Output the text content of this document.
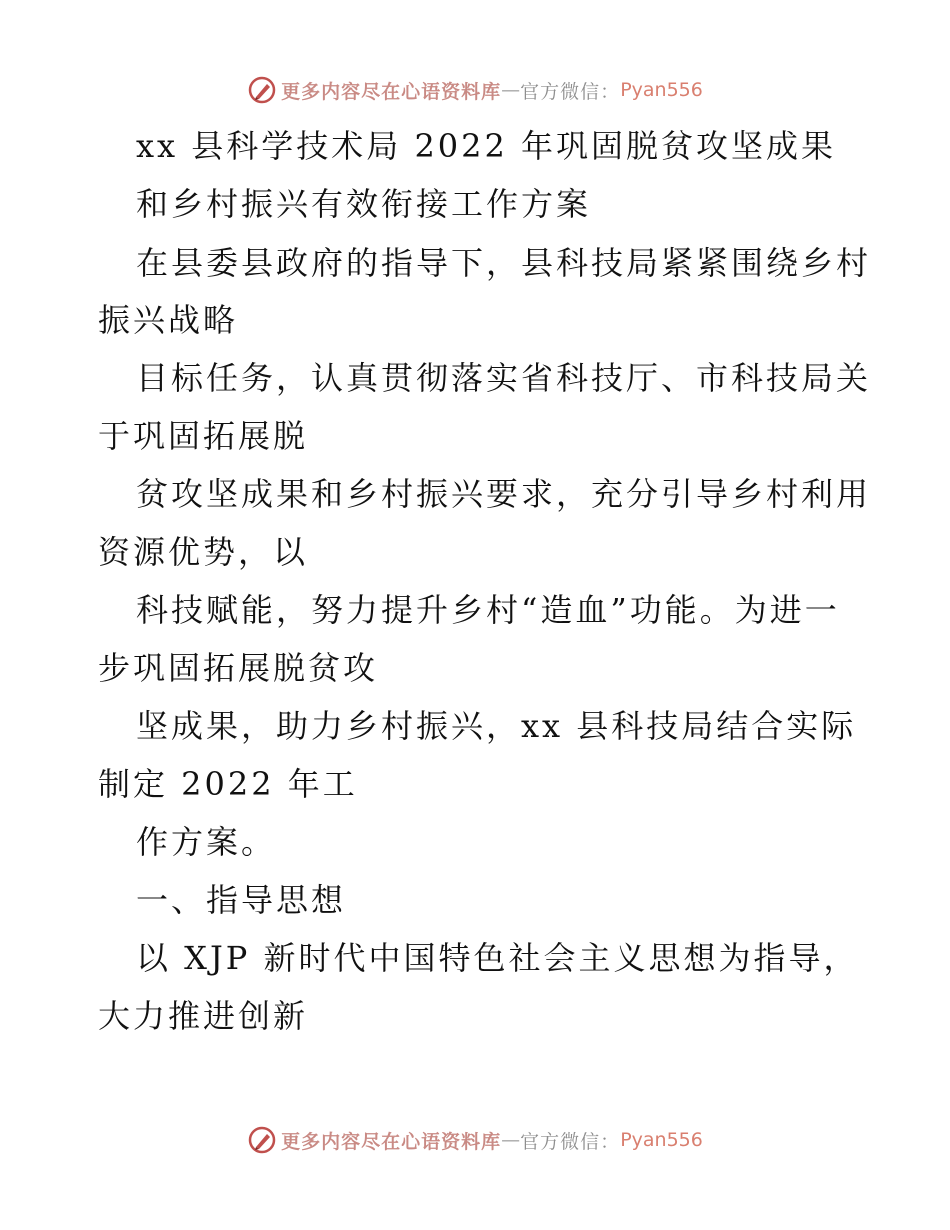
更多内容尽在心语资料库 — 官方微信： Pyan556
xx 县科学技术局 2022 年巩固脱贫攻坚成果
和乡村振兴有效衔接工作方案
在县委县政府的指导下，县科技局紧紧围绕乡村
振兴战略
目标任务，认真贯彻落实省科技厅、市科技局关
于巩固拓展脱
贫攻坚成果和乡村振兴要求，充分引导乡村利用
资源优势，以
科技赋能，努力提升乡村“造血”功能。为进一
步巩固拓展脱贫攻
坚成果，助力乡村振兴，xx 县科技局结合实际
制定 2022 年工
作方案。
一、指导思想
以 XJP 新时代中国特色社会主义思想为指导，
大力推进创新
更多内容尽在心语资料库 — 官方微信： Pyan556
